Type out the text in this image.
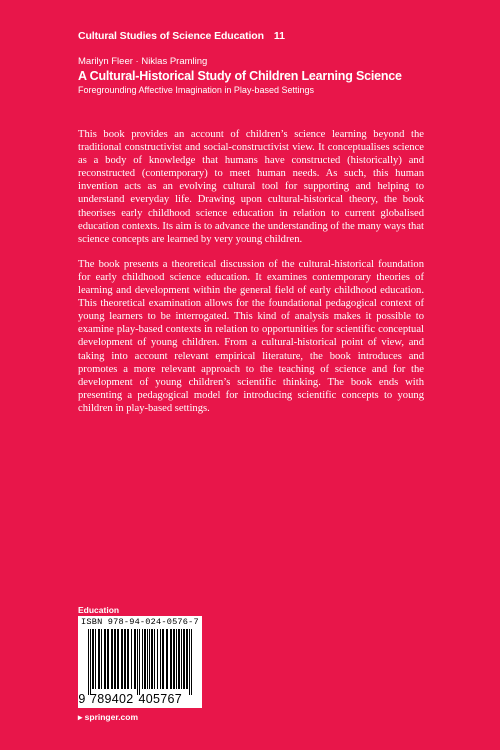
Cultural Studies of Science Education 11
Marilyn Fleer · Niklas Pramling
A Cultural-Historical Study of Children Learning Science
Foregrounding Affective Imagination in Play-based Settings

This book provides an account of children’s science learning beyond the traditional constructivist and social-constructivist view. It conceptualises science as a body of knowledge that humans have constructed (historically) and reconstructed (contemporary) to meet human needs. As such, this human invention acts as an evolving cultural tool for supporting and helping to understand everyday life. Drawing upon cultural-historical theory, the book theorises early childhood science education in relation to current globalised education contexts. Its aim is to advance the understanding of the many ways that science concepts are learned by very young children.

The book presents a theoretical discussion of the cultural-historical foundation for early childhood science education. It examines contemporary theories of learning and development within the general field of early childhood education. This theoretical examination allows for the foundational pedagogical context of young learners to be interrogated. This kind of analysis makes it possible to examine play-based contexts in relation to opportunities for scientific conceptual development of young children. From a cultural-historical point of view, and taking into account relevant empirical literature, the book introduces and promotes a more relevant approach to the teaching of science and for the development of young children’s scientific thinking. The book ends with presenting a pedagogical model for introducing scientific concepts to young children in play-based settings.

Education
ISBN 978-94-024-0576-7
9 789402 405767
▸ springer.com
